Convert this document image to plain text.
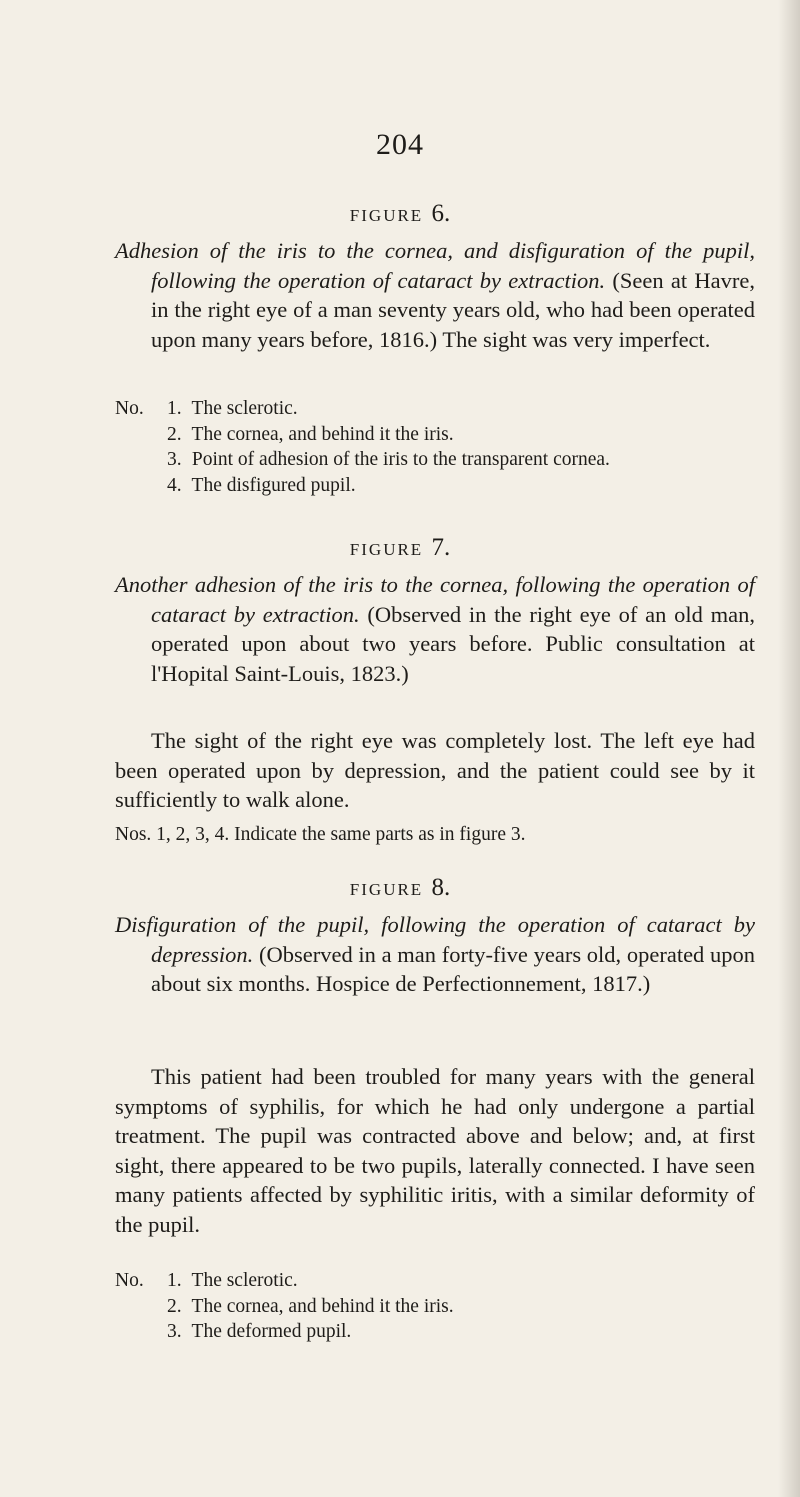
204
FIGURE 6.
Adhesion of the iris to the cornea, and disfiguration of the pupil, following the operation of cataract by extraction. (Seen at Havre, in the right eye of a man seventy years old, who had been operated upon many years before, 1816.) The sight was very imperfect.
No. 1. The sclerotic.
2. The cornea, and behind it the iris.
3. Point of adhesion of the iris to the transparent cornea.
4. The disfigured pupil.
FIGURE 7.
Another adhesion of the iris to the cornea, following the operation of cataract by extraction. (Observed in the right eye of an old man, operated upon about two years before. Public consultation at l'Hopital Saint-Louis, 1823.)
The sight of the right eye was completely lost. The left eye had been operated upon by depression, and the patient could see by it sufficiently to walk alone.
Nos. 1, 2, 3, 4. Indicate the same parts as in figure 3.
FIGURE 8.
Disfiguration of the pupil, following the operation of cataract by depression. (Observed in a man forty-five years old, operated upon about six months. Hospice de Perfectionnement, 1817.)
This patient had been troubled for many years with the general symptoms of syphilis, for which he had only undergone a partial treatment. The pupil was contracted above and below; and, at first sight, there appeared to be two pupils, laterally connected. I have seen many patients affected by syphilitic iritis, with a similar deformity of the pupil.
No. 1. The sclerotic.
2. The cornea, and behind it the iris.
3. The deformed pupil.
